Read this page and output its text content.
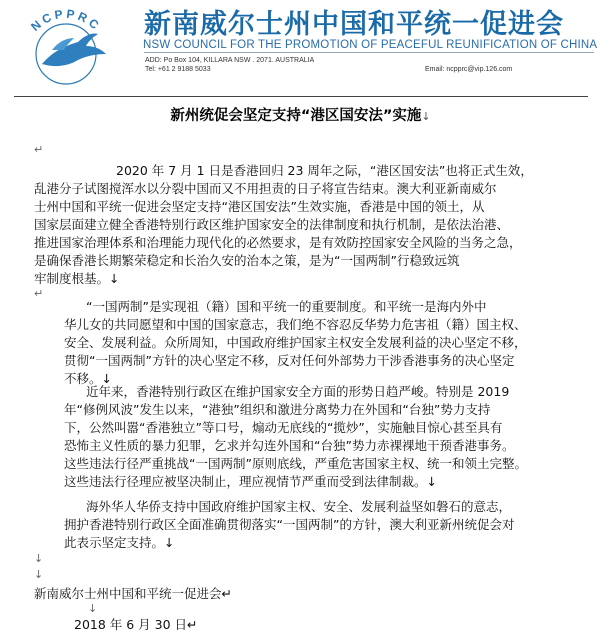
NCPPRC 新南威尔士州中国和平统一促进会
NSW COUNCIL FOR THE PROMOTION OF PEACEFUL REUNIFICATION OF CHINA
ADD: Po Box 104, KILLARA NSW . 2071. AUSTRALIA
Tel: +61 2 9188 5033	Email: ncpprc@vip.126.com
新州统促会坚定支持“港区国安法”实施↓
↵
2020 年 7 月 1 日是香港回归 23 周年之际，“港区国安法”也将正式生效，
乱港分子试图搅浑水以分裂中国而又不用担责的日子将宣告结束。澳大利亚新南威尔
士州中国和平统一促进会坚定支持“港区国安法”生效实施，香港是中国的领土，从
国家层面建立健全香港特别行政区维护国家安全的法律制度和执行机制，是依法治港、
推进国家治理体系和治理能力现代化的必然要求，是有效防控国家安全风险的当务之急，
是确保香港长期繁荣稳定和长治久安的治本之策，是为“一国两制”行稳致远筑
牢制度根基。↓
↵
“一国两制”是实现祖（籍）国和平统一的重要制度。和平统一是海内外中
华儿女的共同愿望和中国的国家意志，我们绝不容忍反华势力危害祖（籍）国主权、
安全、发展利益。众所周知，中国政府维护国家主权安全发展利益的决心坚定不移，
贯彻“一国两制”方针的决心坚定不移，反对任何外部势力干涉香港事务的决心坚定
不移。↓
近年来，香港特别行政区在维护国家安全方面的形势日趋严峻。特别是 2019
年“修例风波”发生以来，“港独”组织和激进分离势力在外国和“台独”势力支持
下，公然叫嚣“香港独立”等口号，煽动无底线的“揽炒”，实施触目惊心甚至具有
恐怖主义性质的暴力犯罪，乞求并勾连外国和“台独”势力赤裸裸地干预香港事务。
这些违法行径严重挑战“一国两制”原则底线，严重危害国家主权、统一和领土完整。
这些违法行径理应被坚决制止，理应视情节严重而受到法律制裁。↓
海外华人华侨支持中国政府维护国家主权、安全、发展利益坚如磐石的意志，
拥护香港特别行政区全面准确贯彻落实“一国两制”的方针，澳大利亚新州统促会对
此表示坚定支持。↓
↓
↓
新南威尔士州中国和平统一促进会↵
↓
2018 年 6 月 30 日↵
